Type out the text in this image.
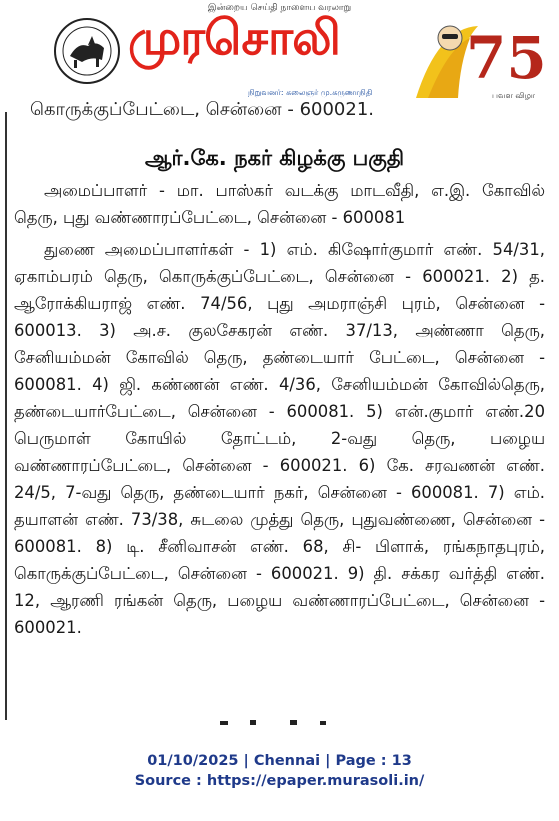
இன்றைய செய்தி நாளைய வரலாறு
முரசொலி
நிறுவனர்: கலைஞர் மு.கருணாநிதி
75
பவள விழா
கொருக்குப்பேட்டை, சென்னை - 600021.
ஆர்.கே. நகர் கிழக்கு பகுதி
அமைப்பாளர் - மா. பாஸ்கர் வடக்கு மாடவீதி, எ.இ. கோவில் தெரு, புது வண்ணாரப்பேட்டை, சென்னை - 600081
துணை அமைப்பாளர்கள் - 1) எம். கிஷோர்குமார் எண். 54/31, ஏகாம்பரம் தெரு, கொருக்குப்பேட்டை, சென்னை - 600021. 2) த. ஆரோக்கியராஜ் எண். 74/56, புது அமராஞ்சி புரம், சென்னை - 600013. 3) அ.ச. குலசேகரன் எண். 37/13, அண்ணா தெரு, சேனியம்மன் கோவில் தெரு, தண்டையார் பேட்டை, சென்னை - 600081. 4) ஜி. கண்ணன் எண். 4/36, சேனியம்மன் கோவில்தெரு, தண்டையார்பேட்டை, சென்னை - 600081. 5) என்.குமார் எண்.20 பெருமாள் கோயில் தோட்டம், 2-வது தெரு, பழைய வண்ணாரப்பேட்டை, சென்னை - 600021. 6) கே. சரவணன் எண். 24/5, 7-வது தெரு, தண்டையார் நகர், சென்னை - 600081. 7) எம். தயாளன் எண். 73/38, சுடலை முத்து தெரு, புதுவண்ணை, சென்னை - 600081. 8) டி. சீனிவாசன் எண். 68, சி- பிளாக், ரங்கநாதபுரம், கொருக்குப்பேட்டை, சென்னை - 600021. 9) தி. சக்கர வர்த்தி எண். 12, ஆரணி ரங்கன் தெரு, பழைய வண்ணாரப்பேட்டை, சென்னை - 600021.
01/10/2025 | Chennai | Page : 13
Source : https://epaper.murasoli.in/
